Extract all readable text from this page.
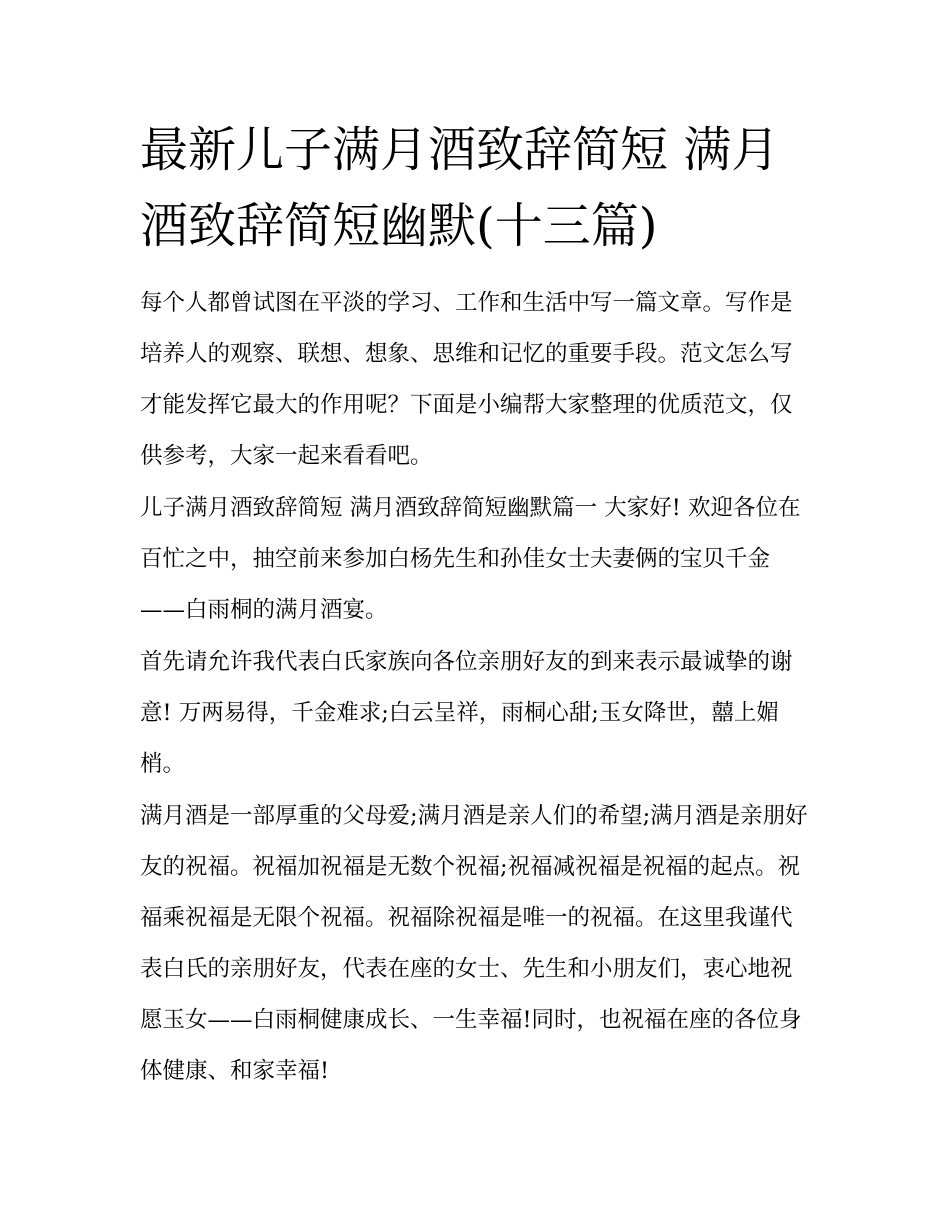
最新儿子满月酒致辞简短 满月酒致辞简短幽默(十三篇)

每个人都曾试图在平淡的学习、工作和生活中写一篇文章。写作是培养人的观察、联想、想象、思维和记忆的重要手段。范文怎么写才能发挥它最大的作用呢？下面是小编帮大家整理的优质范文，仅供参考，大家一起来看看吧。

儿子满月酒致辞简短 满月酒致辞简短幽默篇一 大家好! 欢迎各位在百忙之中，抽空前来参加白杨先生和孙佳女士夫妻俩的宝贝千金——白雨桐的满月酒宴。

首先请允许我代表白氏家族向各位亲朋好友的到来表示最诚挚的谢意! 万两易得，千金难求;白云呈祥，雨桐心甜;玉女降世，囍上媚梢。

满月酒是一部厚重的父母爱;满月酒是亲人们的希望;满月酒是亲朋好友的祝福。祝福加祝福是无数个祝福;祝福减祝福是祝福的起点。祝福乘祝福是无限个祝福。祝福除祝福是唯一的祝福。在这里我谨代表白氏的亲朋好友，代表在座的女士、先生和小朋友们，衷心地祝愿玉女——白雨桐健康成长、一生幸福!同时，也祝福在座的各位身体健康、和家幸福!
